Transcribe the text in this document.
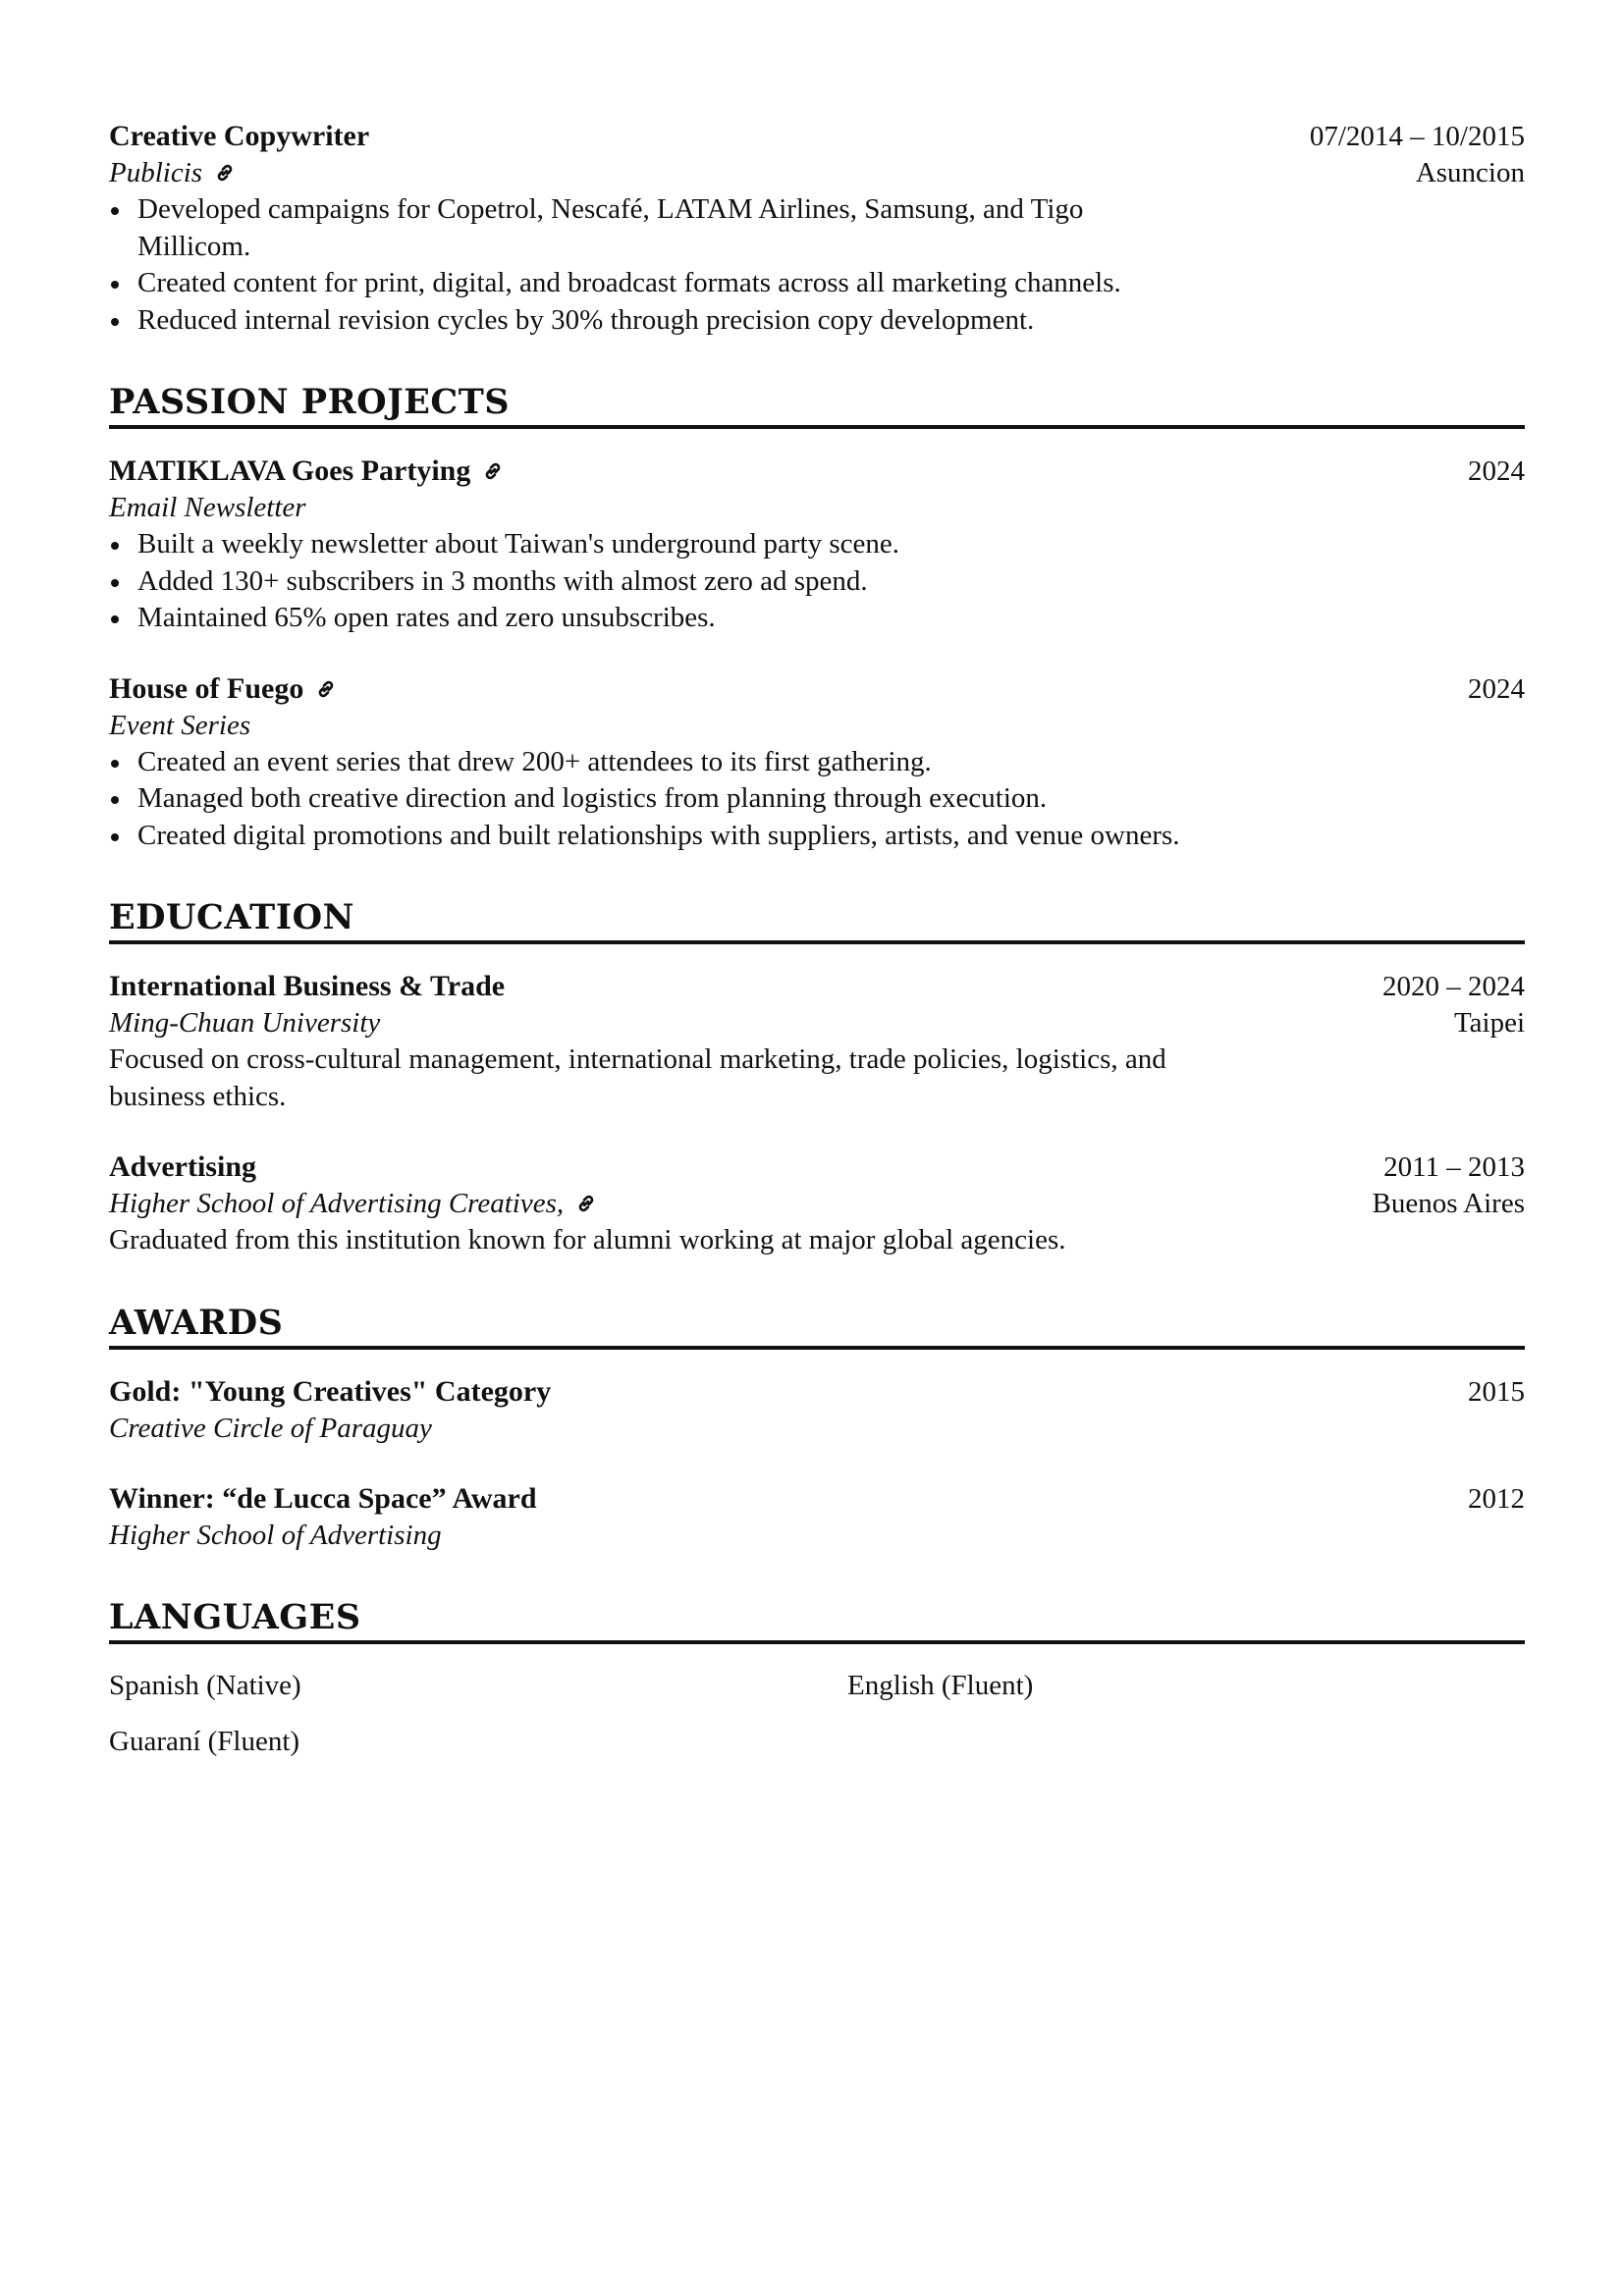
Creative Copywriter	07/2014 – 10/2015
Publicis	Asuncion
Developed campaigns for Copetrol, Nescafé, LATAM Airlines, Samsung, and Tigo Millicom.
Created content for print, digital, and broadcast formats across all marketing channels.
Reduced internal revision cycles by 30% through precision copy development.
PASSION PROJECTS
MATIKLAVA Goes Partying	2024
Email Newsletter
Built a weekly newsletter about Taiwan's underground party scene.
Added 130+ subscribers in 3 months with almost zero ad spend.
Maintained 65% open rates and zero unsubscribes.
House of Fuego	2024
Event Series
Created an event series that drew 200+ attendees to its first gathering.
Managed both creative direction and logistics from planning through execution.
Created digital promotions and built relationships with suppliers, artists, and venue owners.
EDUCATION
International Business & Trade	2020 – 2024
Ming-Chuan University	Taipei
Focused on cross-cultural management, international marketing, trade policies, logistics, and business ethics.
Advertising	2011 – 2013
Higher School of Advertising Creatives,	Buenos Aires
Graduated from this institution known for alumni working at major global agencies.
AWARDS
Gold: "Young Creatives" Category	2015
Creative Circle of Paraguay
Winner: “de Lucca Space” Award	2012
Higher School of Advertising
LANGUAGES
Spanish (Native)	English (Fluent)
Guaraní (Fluent)
